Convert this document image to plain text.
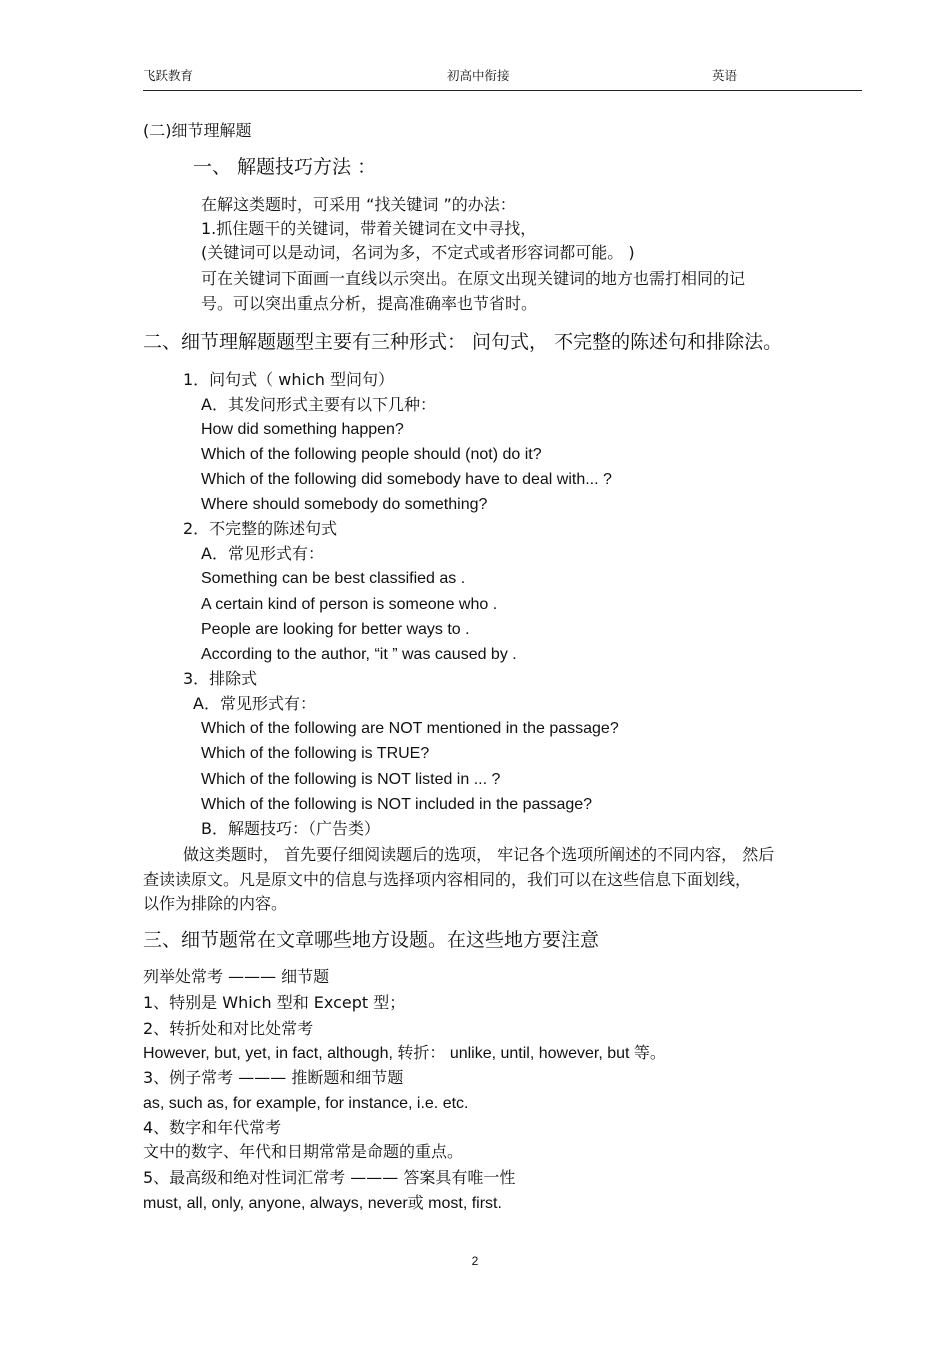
飞跃教育	初高中衔接	英语
(二)细节理解题
一、 解题技巧方法 ：
在解这类题时，可采用 “找关键词 ”的办法：
1.抓住题干的关键词，带着关键词在文中寻找，
(关键词可以是动词，名词为多，不定式或者形容词都可能。 )
可在关键词下面画一直线以示突出。在原文出现关键词的地方也需打相同的记
号。可以突出重点分析，提高准确率也节省时。
二、细节理解题题型主要有三种形式： 问句式， 不完整的陈述句和排除法。
1．问句式（ which 型问句）
A．其发问形式主要有以下几种：
How did something happen?
Which of the following people should (not) do it?
Which of the following did somebody have to deal with... ?
Where should somebody do something?
2．不完整的陈述句式
A．常见形式有：
Something can be best classified as .
A certain kind of person is someone who .
People are looking for better ways to .
According to the author, “it ” was caused by .
3．排除式
A．常见形式有：
Which of the following are NOT mentioned in the passage?
Which of the following is TRUE?
Which of the following is NOT listed in ... ?
Which of the following is NOT included in the passage?
B．解题技巧：（广告类）
做这类题时， 首先要仔细阅读题后的选项， 牢记各个选项所阐述的不同内容， 然后
查读读原文。凡是原文中的信息与选择项内容相同的，我们可以在这些信息下面划线，
以作为排除的内容。
三、细节题常在文章哪些地方设题。在这些地方要注意
列举处常考 ——— 细节题
1、特别是 Which 型和 Except 型；
2、转折处和对比处常考
However, but, yet, in fact, although, 转折： unlike, until, however, but 等。
3、例子常考 ——— 推断题和细节题
as, such as, for example, for instance, i.e. etc.
4、数字和年代常考
文中的数字、年代和日期常常是命题的重点。
5、最高级和绝对性词汇常考 ——— 答案具有唯一性
must, all, only, anyone, always, never或 most, first.
2
